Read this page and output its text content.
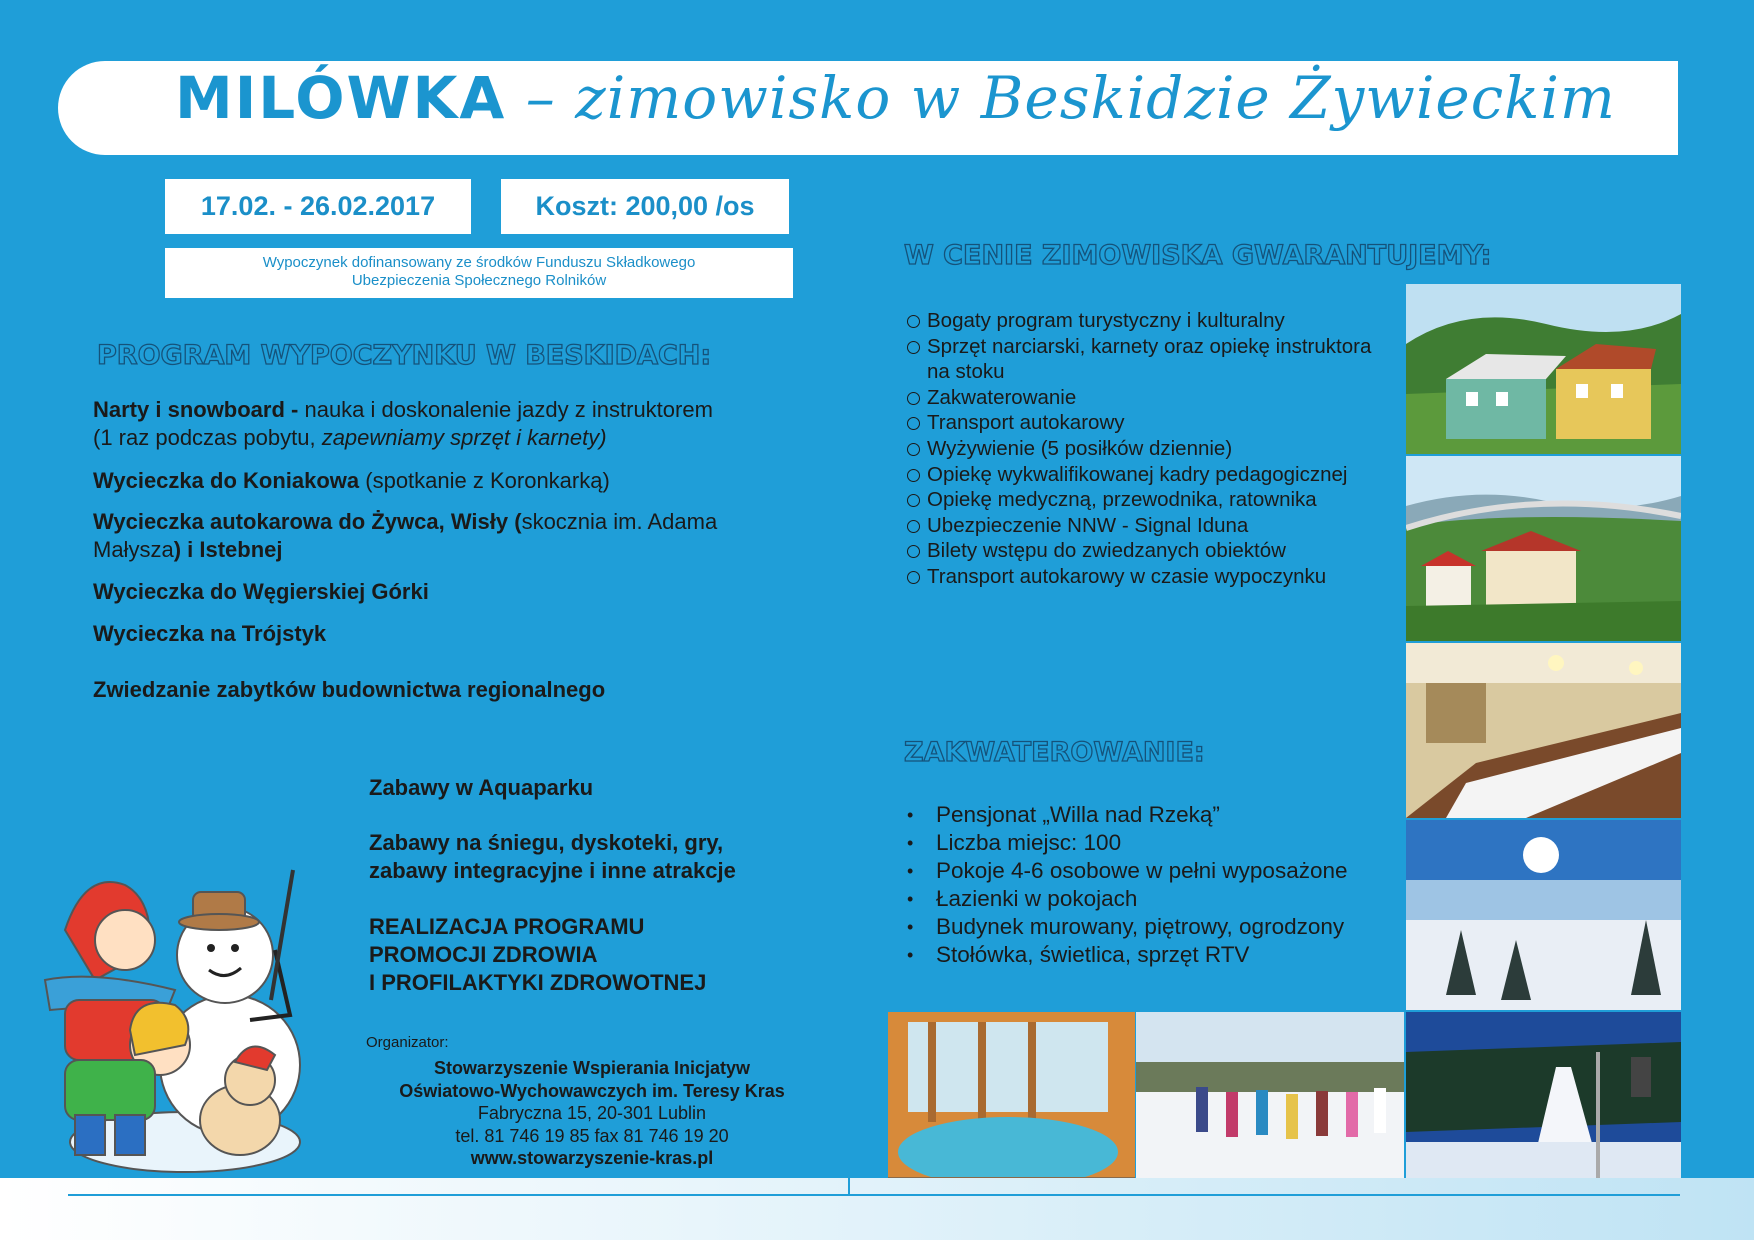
MILÓWKA – zimowisko w Beskidzie Żywieckim
17.02. - 26.02.2017	Koszt: 200,00 /os
Wypoczynek dofinansowany ze środków Funduszu Składkowego
Ubezpieczenia Społecznego Rolników
PROGRAM WYPOCZYNKU W BESKIDACH:
Narty i snowboard - nauka i doskonalenie jazdy z instruktorem
(1 raz podczas pobytu, zapewniamy sprzęt i karnety)
Wycieczka do Koniakowa (spotkanie z Koronkarką)
Wycieczka autokarowa do Żywca, Wisły (skocznia im. Adama
Małysza) i Istebnej
Wycieczka do Węgierskiej Górki
Wycieczka na Trójstyk
Zwiedzanie zabytków budownictwa regionalnego
Zabawy w Aquaparku
Zabawy na śniegu, dyskoteki, gry,
zabawy integracyjne i inne atrakcje
REALIZACJA PROGRAMU
PROMOCJI ZDROWIA
I PROFILAKTYKI ZDROWOTNEJ
Organizator:
Stowarzyszenie Wspierania Inicjatyw
Oświatowo-Wychowawczych im. Teresy Kras
Fabryczna 15, 20-301 Lublin
tel. 81 746 19 85 fax 81 746 19 20
www.stowarzyszenie-kras.pl
W CENIE ZIMOWISKA GWARANTUJEMY:
Bogaty program turystyczny i kulturalny
Sprzęt narciarski, karnety oraz opiekę instruktora na stoku
Zakwaterowanie
Transport autokarowy
Wyżywienie (5 posiłków dziennie)
Opiekę wykwalifikowanej kadry pedagogicznej
Opiekę medyczną, przewodnika, ratownika
Ubezpieczenie NNW - Signal Iduna
Bilety wstępu do zwiedzanych obiektów
Transport autokarowy w czasie wypoczynku
ZAKWATEROWANIE:
• Pensjonat „Willa nad Rzeką”
• Liczba miejsc: 100
• Pokoje 4-6 osobowe w pełni wyposażone
• Łazienki w pokojach
• Budynek murowany, piętrowy, ogrodzony
• Stołówka, świetlica, sprzęt RTV
